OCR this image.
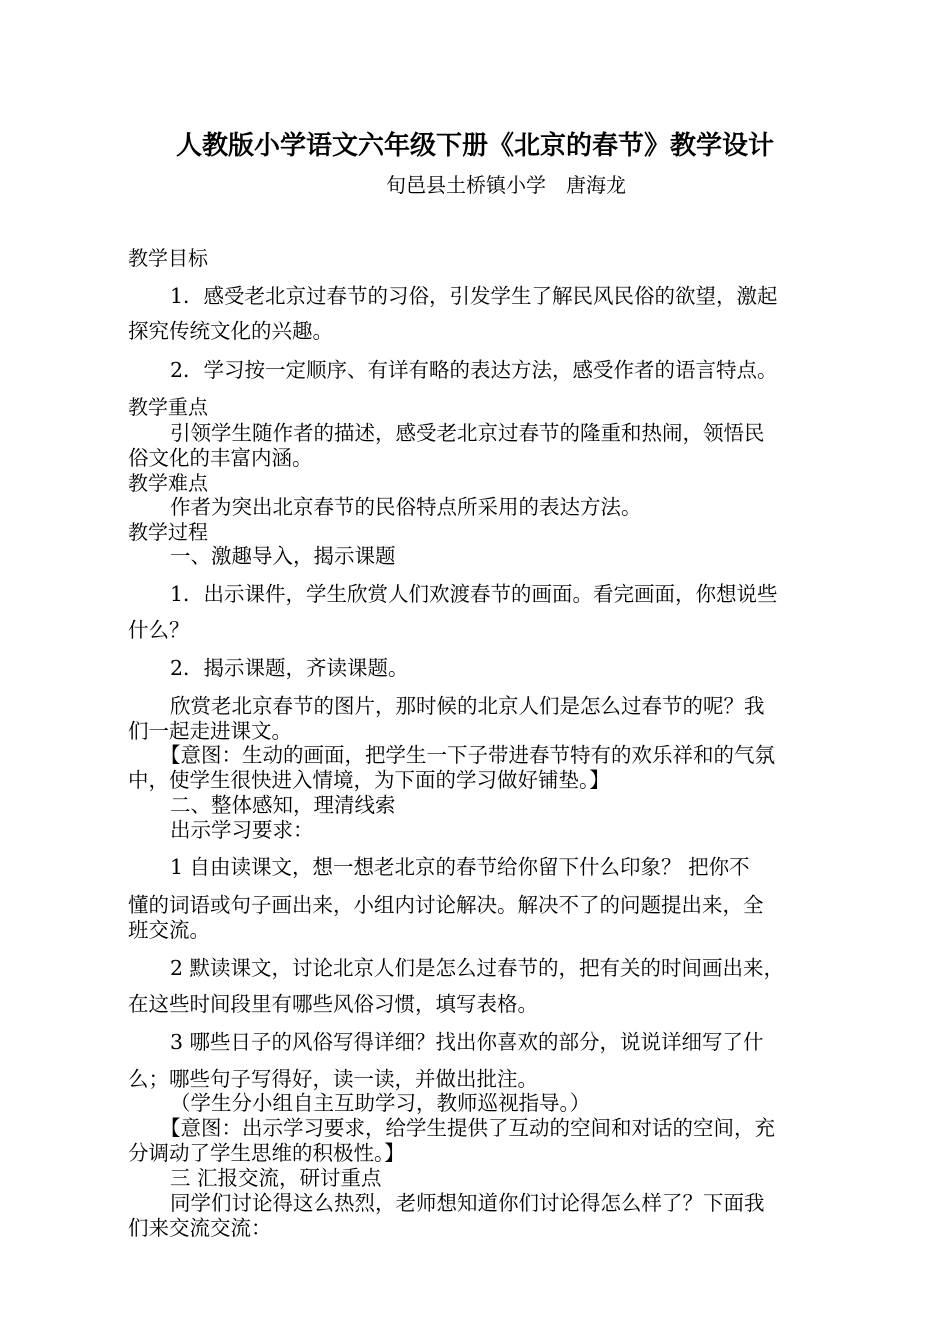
人教版小学语文六年级下册《北京的春节》教学设计
旬邑县土桥镇小学　唐海龙
教学目标
1．感受老北京过春节的习俗，引发学生了解民风民俗的欲望，激起
探究传统文化的兴趣。
2．学习按一定顺序、有详有略的表达方法，感受作者的语言特点。
教学重点
引领学生随作者的描述，感受老北京过春节的隆重和热闹，领悟民
俗文化的丰富内涵。
教学难点
作者为突出北京春节的民俗特点所采用的表达方法。
教学过程
一、激趣导入，揭示课题
1．出示课件，学生欣赏人们欢渡春节的画面。看完画面，你想说些
什么？
2．揭示课题，齐读课题。
欣赏老北京春节的图片，那时候的北京人们是怎么过春节的呢？我
们一起走进课文。
【意图：生动的画面，把学生一下子带进春节特有的欢乐祥和的气氛
中，使学生很快进入情境，为下面的学习做好铺垫。】
二、整体感知，理清线索
出示学习要求：
1 自由读课文，想一想老北京的春节给你留下什么印象？ 把你不
懂的词语或句子画出来，小组内讨论解决。解决不了的问题提出来，全
班交流。
2 默读课文，讨论北京人们是怎么过春节的，把有关的时间画出来，
在这些时间段里有哪些风俗习惯，填写表格。
3 哪些日子的风俗写得详细？找出你喜欢的部分，说说详细写了什
么；哪些句子写得好，读一读，并做出批注。
（学生分小组自主互助学习，教师巡视指导。）
【意图：出示学习要求，给学生提供了互动的空间和对话的空间，充
分调动了学生思维的积极性。】
三 汇报交流，研讨重点
同学们讨论得这么热烈，老师想知道你们讨论得怎么样了？下面我
们来交流交流：
